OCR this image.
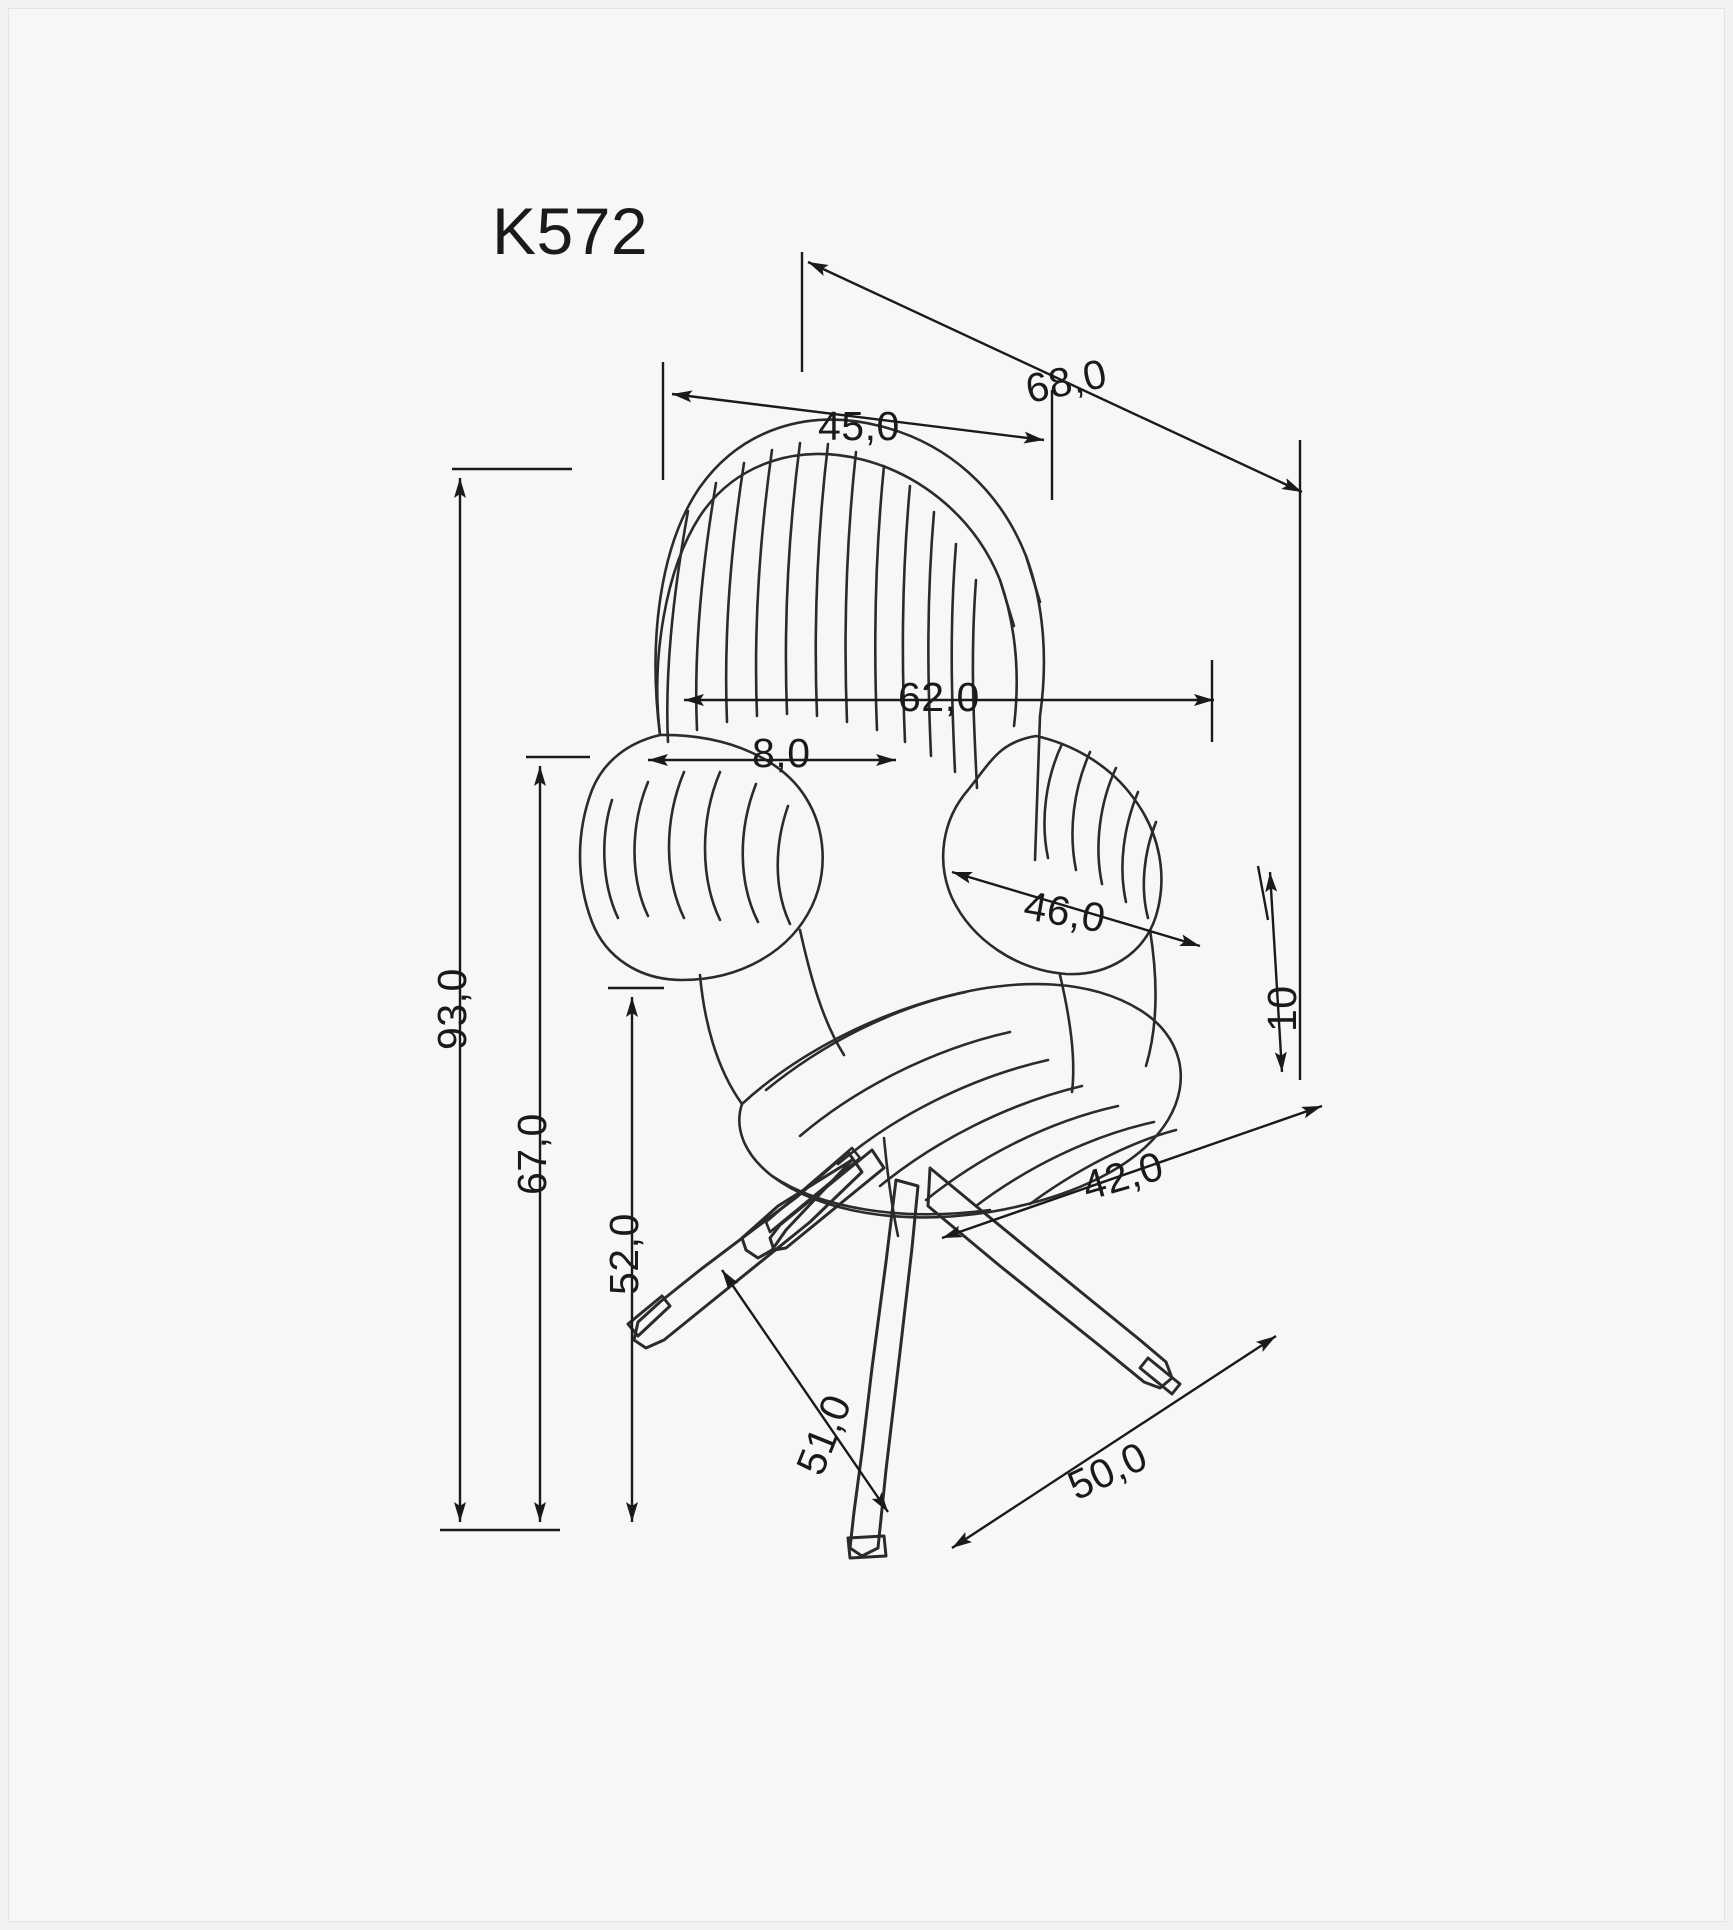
K572
45,0
68,0
62,0
8,0
46,0
42,0
50,0
93,0
67,0
52,0
10
51,0
